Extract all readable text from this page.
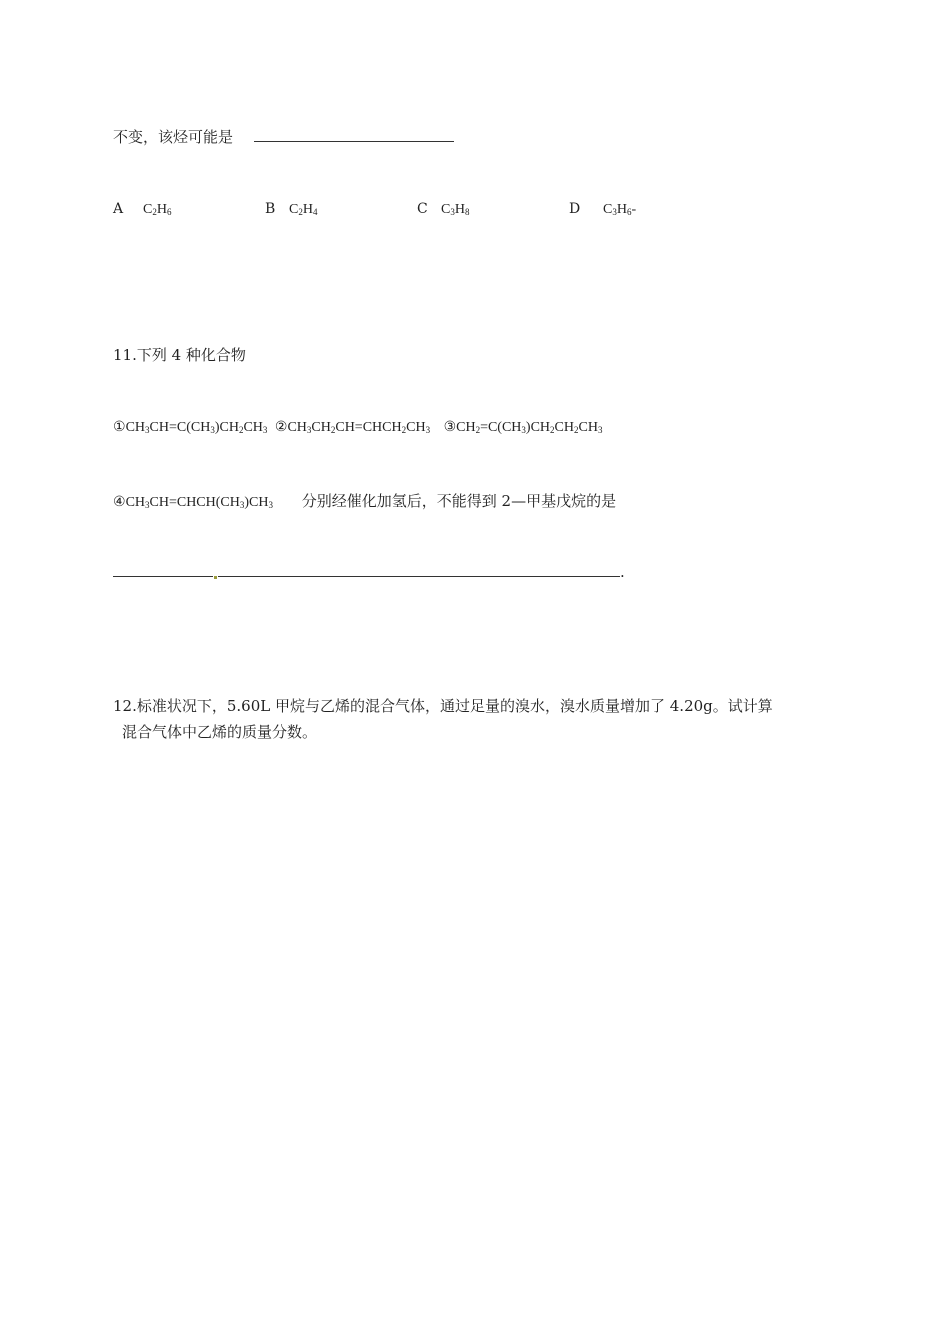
不变，该烃可能是
A $C_2H_6$	B $C_2H_4$	C $C_3H_8$	D $C_3H_6-$
11.下列 4 种化合物
$①CH_3CH=C(CH_3)CH_2CH_3$ $②CH_3CH_2CH=CHCH_2CH_3$ $③CH_2=C(CH_3)CH_2CH_2CH_3$
$④CH_3CH=CHCH(CH_3)CH_3$ 分别经催化加氢后，不能得到 2—甲基戊烷的是
.
12.标准状况下，5.60L 甲烷与乙烯的混合气体，通过足量的溴水，溴水质量增加了 4.20g。试计算
混合气体中乙烯的质量分数。
